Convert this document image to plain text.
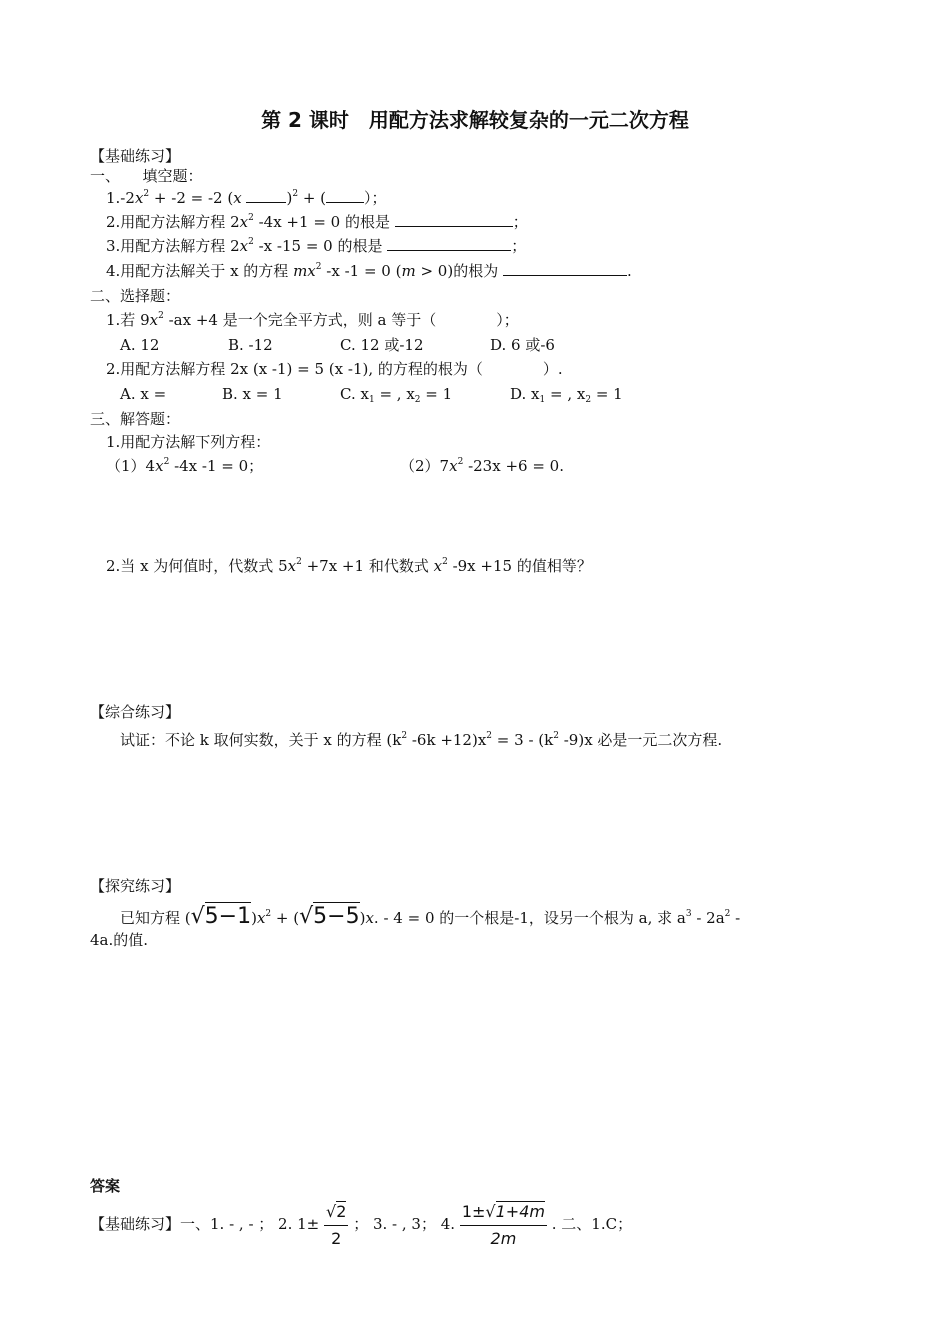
第 2 课时　用配方法求解较复杂的一元二次方程
【基础练习】
一、　　填空题：
$1.-2x^2 + -2 = -2$ (x	)$^2$ + (	）；
2.用配方法解方程 $2x^2$ -4x +1 = 0 的根是	；
3.用配方法解方程 $2x^2$ -x -15 = 0 的根是	；
4.用配方法解关于 x 的方程 $mx^2$ -x -1 = 0 (m > 0)的根为	.
二、选择题：
1.若 $9x^2$ -ax +4 是一个完全平方式，则 a 等于（　　　　）；
A. 12	B. -12	C. 12 或-12	D. 6 或-6
2.用配方法解方程 2x (x -1) = 5 (x -1), 的方程的根为（　　　　）.
A. x =	B. x = 1	C. $x_1$ = , $x_2 = 1$	D. $x_1$ = , $x_2 = 1$
三、解答题：
1.用配方法解下列方程：
$(1)4x^2$ -4x -1 = 0；	$(2)7x^2$ -23x +6 = 0.
2.当 x 为何值时，代数式 $5x^2 +7x +1$ 和代数式 $x^2$ -9x +15 的值相等？
【综合练习】
试证：不论 k 取何实数，关于 x 的方程 ($k^2$ $-6k +12)x^2 = 3 - (k^2$ -9)x 必是一元二次方程.
【探究练习】
已知方程 $(√5-1)x^2 + (√5-5)x$. - 4 = 0 的一个根是-1，设另一个根为 a, 求 $a^3 - 2a^2$ -
4a.的值.
答案
【基础练习】一、1. - , - ； 2. $1\pm \frac{√2}{2}$ ； 3. - , 3； 4. $\frac{1\pm√1+4m}{2m}$ . 二、1.C；
